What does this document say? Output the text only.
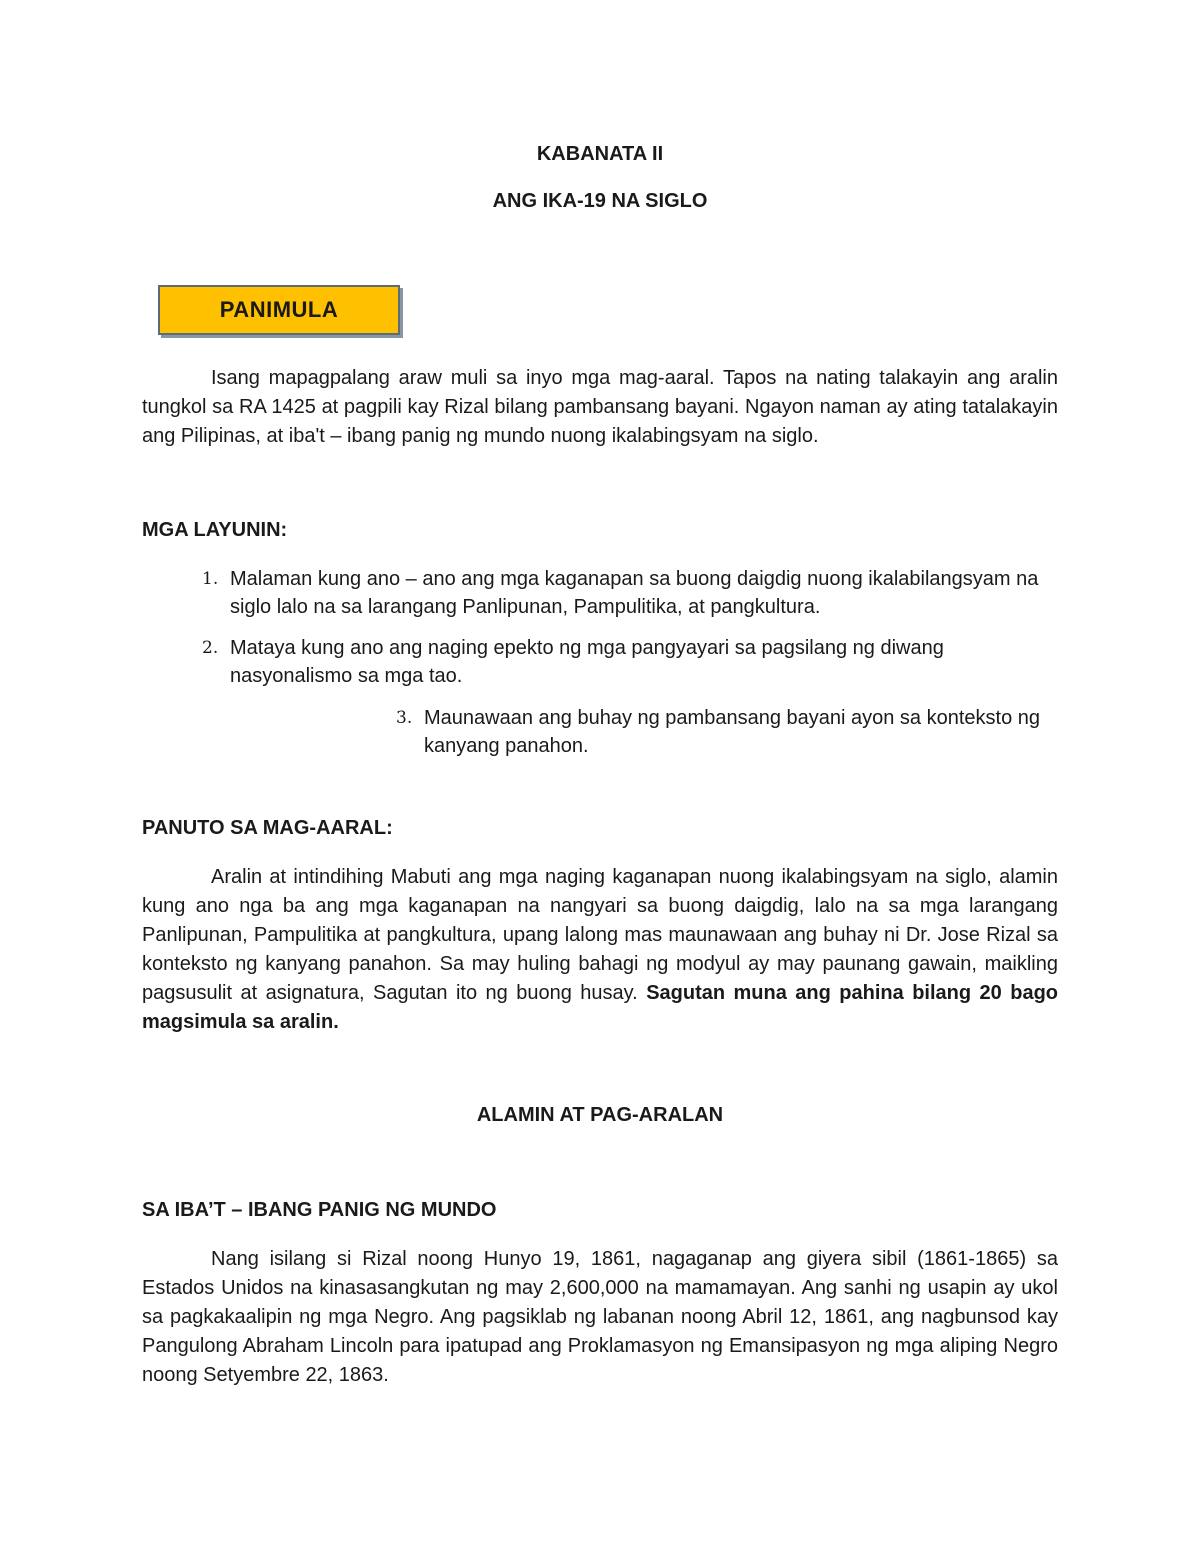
KABANATA II

ANG IKA-19 NA SIGLO

PANIMULA

Isang mapagpalang araw muli sa inyo mga mag-aaral. Tapos na nating talakayin ang aralin tungkol sa RA 1425 at pagpili kay Rizal bilang pambansang bayani. Ngayon naman ay ating tatalakayin ang Pilipinas, at iba't – ibang panig ng mundo nuong ikalabingsyam na siglo.

MGA LAYUNIN:

1. Malaman kung ano – ano ang mga kaganapan sa buong daigdig nuong ikalabilangsyam na siglo lalo na sa larangang Panlipunan, Pampulitika, at pangkultura.
2. Mataya kung ano ang naging epekto ng mga pangyayari sa pagsilang ng diwang nasyonalismo sa mga tao.
3. Maunawaan ang buhay ng pambansang bayani ayon sa konteksto ng kanyang panahon.

PANUTO SA MAG-AARAL:

Aralin at intindihing Mabuti ang mga naging kaganapan nuong ikalabingsyam na siglo, alamin kung ano nga ba ang mga kaganapan na nangyari sa buong daigdig, lalo na sa mga larangang Panlipunan, Pampulitika at pangkultura, upang lalong mas maunawaan ang buhay ni Dr. Jose Rizal sa konteksto ng kanyang panahon. Sa may huling bahagi ng modyul ay may paunang gawain, maikling pagsusulit at asignatura, Sagutan ito ng buong husay. Sagutan muna ang pahina bilang 20 bago magsimula sa aralin.

ALAMIN AT PAG-ARALAN

SA IBA’T – IBANG PANIG NG MUNDO

Nang isilang si Rizal noong Hunyo 19, 1861, nagaganap ang giyera sibil (1861-1865) sa Estados Unidos na kinasasangkutan ng may 2,600,000 na mamamayan. Ang sanhi ng usapin ay ukol sa pagkakaalipin ng mga Negro. Ang pagsiklab ng labanan noong Abril 12, 1861, ang nagbunsod kay Pangulong Abraham Lincoln para ipatupad ang Proklamasyon ng Emansipasyon ng mga aliping Negro noong Setyembre 22, 1863.
